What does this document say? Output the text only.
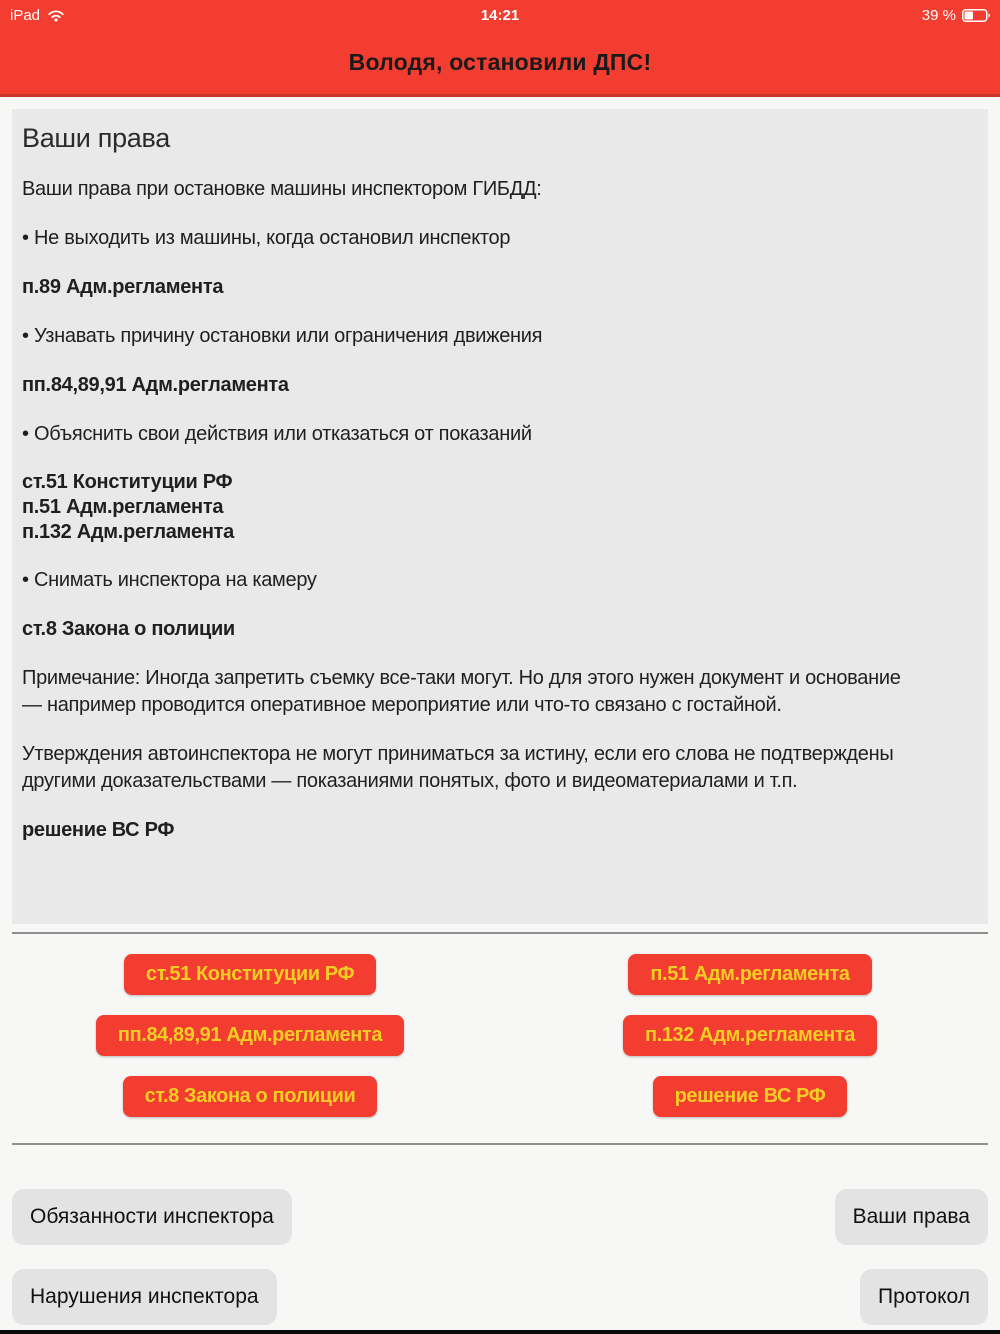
iPad	14:21	39 %
Володя, остановили ДПС!
Ваши права
Ваши права при остановке машины инспектором ГИБДД:
• Не выходить из машины, когда остановил инспектор
п.89 Адм.регламента
• Узнавать причину остановки или ограничения движения
пп.84,89,91 Адм.регламента
• Объяснить свои действия или отказаться от показаний
ст.51 Конституции РФ
п.51 Адм.регламента
п.132 Адм.регламента
• Снимать инспектора на камеру
ст.8 Закона о полиции
Примечание: Иногда запретить съемку все-таки могут. Но для этого нужен документ и основание — например проводится оперативное мероприятие или что-то связано с гостайной.
Утверждения автоинспектора не могут приниматься за истину, если его слова не подтверждены другими доказательствами — показаниями понятых, фото и видеоматериалами и т.п.
решение ВС РФ
ст.51 Конституции РФ	п.51 Адм.регламента
пп.84,89,91 Адм.регламента	п.132 Адм.регламента
ст.8 Закона о полиции	решение ВС РФ
Обязанности инспектора	Ваши права
Нарушения инспектора	Протокол
